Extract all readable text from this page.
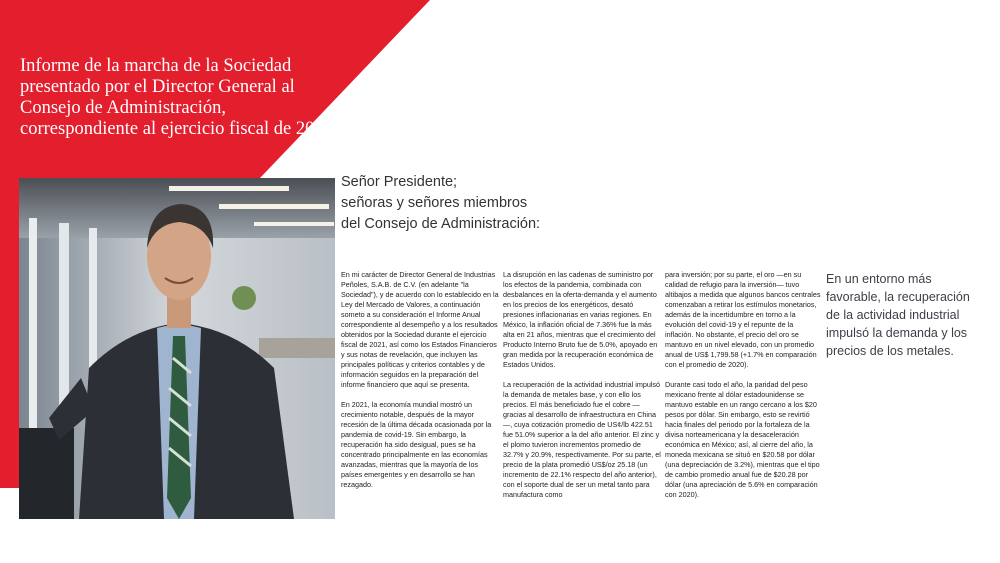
Informe de la marcha de la Sociedad presentado por el Director General al Consejo de Administración, correspondiente al ejercicio fiscal de 2021
Señor Presidente;
señoras y señores miembros
del Consejo de Administración:

En mi carácter de Director General de Industrias Peñoles, S.A.B. de C.V. (en adelante "la Sociedad"), y de acuerdo con lo establecido en la Ley del Mercado de Valores, a continuación someto a su consideración el Informe Anual correspondiente al desempeño y a los resultados obtenidos por la Sociedad durante el ejercicio fiscal de 2021, así como los Estados Financieros y sus notas de revelación, que incluyen las principales políticas y criterios contables y de información seguidos en la preparación del informe financiero que aquí se presenta.

En 2021, la economía mundial mostró un crecimiento notable, después de la mayor recesión de la última década ocasionada por la pandemia de covid-19. Sin embargo, la recuperación ha sido desigual, pues se ha concentrado principalmente en las economías avanzadas, mientras que la mayoría de los países emergentes y en desarrollo se han rezagado.

La disrupción en las cadenas de suministro por los efectos de la pandemia, combinada con desbalances en la oferta-demanda y el aumento en los precios de los energéticos, desató presiones inflacionarias en varias regiones. En México, la inflación oficial de 7.36% fue la más alta en 21 años, mientras que el crecimiento del Producto Interno Bruto fue de 5.0%, apoyado en gran medida por la recuperación económica de Estados Unidos.

La recuperación de la actividad industrial impulsó la demanda de metales base, y con ello los precios. El más beneficiado fue el cobre —gracias al desarrollo de infraestructura en China—, cuya cotización promedio de US¢/lb 422.51 fue 51.0% superior a la del año anterior. El zinc y el plomo tuvieron incrementos promedio de 32.7% y 20.9%, respectivamente. Por su parte, el precio de la plata promedió US$/oz 25.18 (un incremento de 22.1% respecto del año anterior), con el soporte dual de ser un metal tanto para manufactura como

para inversión; por su parte, el oro —en su calidad de refugio para la inversión— tuvo altibajos a medida que algunos bancos centrales comenzaban a retirar los estímulos monetarios, además de la incertidumbre en torno a la evolución del covid-19 y el repunte de la inflación. No obstante, el precio del oro se mantuvo en un nivel elevado, con un promedio anual de US$ 1,799.58 (+1.7% en comparación con el promedio de 2020).

Durante casi todo el año, la paridad del peso mexicano frente al dólar estadounidense se mantuvo estable en un rango cercano a los $20 pesos por dólar. Sin embargo, esto se revirtió hacia finales del periodo por la fortaleza de la divisa norteamericana y la desaceleración económica en México; así, al cierre del año, la moneda mexicana se situó en $20.58 por dólar (una depreciación de 3.2%), mientras que el tipo de cambio promedio anual fue de $20.28 por dólar (una apreciación de 5.6% en comparación con 2020).

En un entorno más favorable, la recuperación de la actividad industrial impulsó la demanda y los precios de los metales.
